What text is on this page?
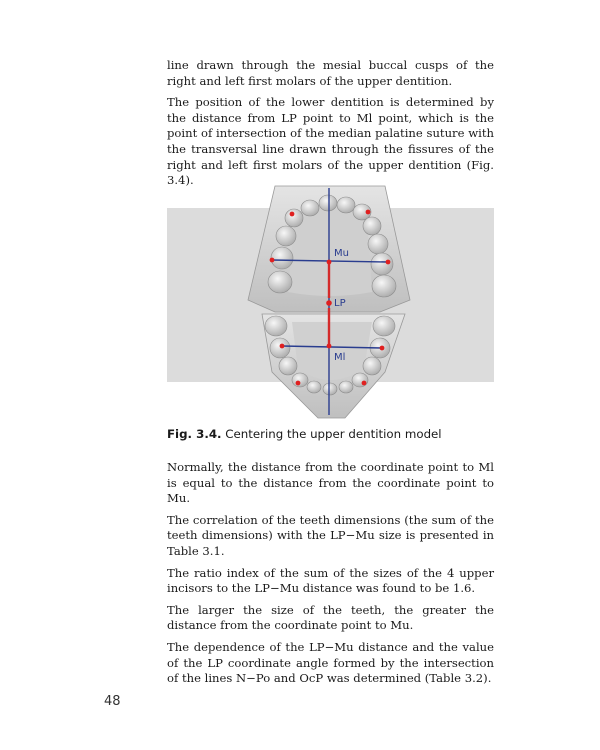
line drawn through the mesial buccal cusps of the right and left first molars of the upper dentition.

The position of the lower dentition is determined by the distance from LP point to Ml point, which is the point of intersection of the median palatine suture with the transversal line drawn through the fissures of the right and left first molars of the upper dentition (Fig. 3.4).

Mu
LP
Ml
Fig. 3.4. Centering the upper dentition model

Normally, the distance from the coordinate point to Ml is equal to the distance from the coordinate point to Mu.

The correlation of the teeth dimensions (the sum of the teeth dimensions) with the LP−Mu size is presented in Table 3.1.

The ratio index of the sum of the sizes of the 4 upper incisors to the LP−Mu distance was found to be 1.6.

The larger the size of the teeth, the greater the distance from the coordinate point to Mu.

The dependence of the LP−Mu distance and the value of the LP coordinate angle formed by the intersection of the lines N−Po and OcP was determined (Table 3.2).

48
